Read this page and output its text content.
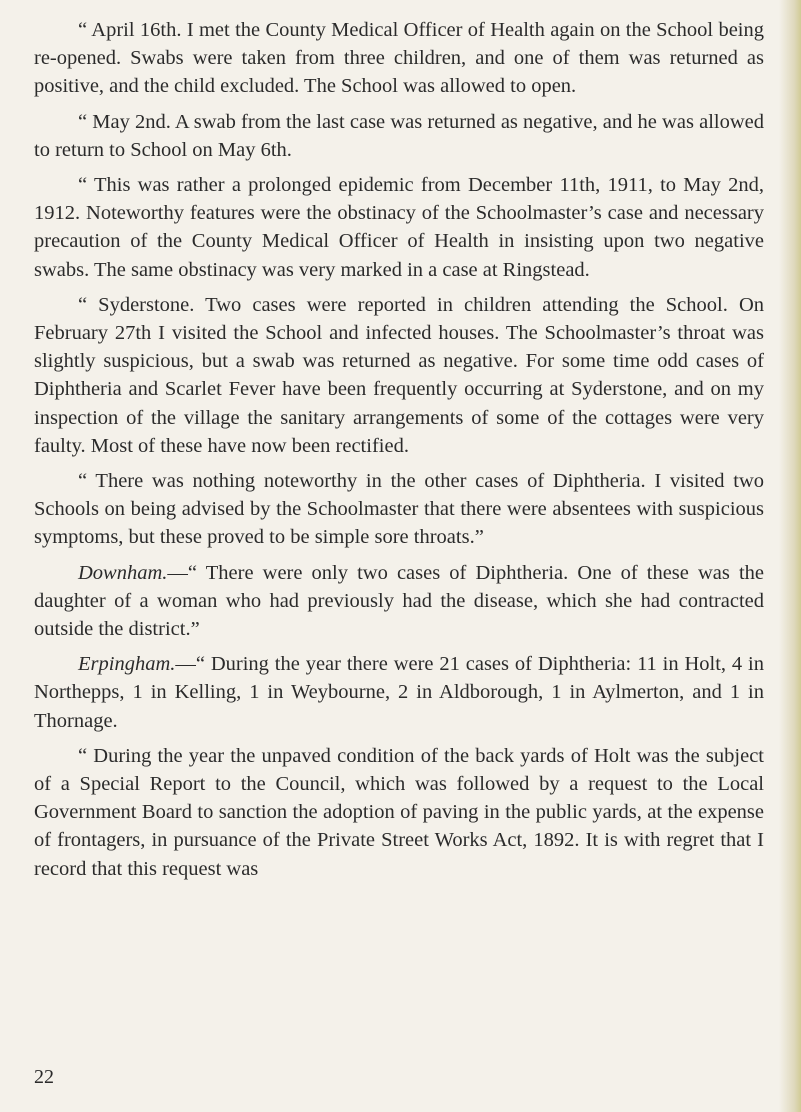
“ April 16th. I met the County Medical Officer of Health again on the School being re-opened. Swabs were taken from three children, and one of them was returned as positive, and the child excluded. The School was allowed to open.

“ May 2nd. A swab from the last case was returned as negative, and he was allowed to return to School on May 6th.

“ This was rather a prolonged epidemic from December 11th, 1911, to May 2nd, 1912. Noteworthy features were the obstinacy of the Schoolmaster’s case and necessary precaution of the County Medical Officer of Health in insisting upon two negative swabs. The same obstinacy was very marked in a case at Ringstead.

“ Syderstone. Two cases were reported in children attending the School. On February 27th I visited the School and infected houses. The Schoolmaster’s throat was slightly suspicious, but a swab was returned as negative. For some time odd cases of Diphtheria and Scarlet Fever have been frequently occurring at Syderstone, and on my inspection of the village the sanitary arrangements of some of the cottages were very faulty. Most of these have now been rectified.

“ There was nothing noteworthy in the other cases of Diphtheria. I visited two Schools on being advised by the Schoolmaster that there were absentees with suspicious symptoms, but these proved to be simple sore throats.”

Downham.—“ There were only two cases of Diphtheria. One of these was the daughter of a woman who had previously had the disease, which she had contracted outside the district.”

Erpingham.—“ During the year there were 21 cases of Diphtheria: 11 in Holt, 4 in Northepps, 1 in Kelling, 1 in Weybourne, 2 in Aldborough, 1 in Aylmerton, and 1 in Thornage.

“ During the year the unpaved condition of the back yards of Holt was the subject of a Special Report to the Council, which was followed by a request to the Local Government Board to sanction the adoption of paving in the public yards, at the expense of frontagers, in pursuance of the Private Street Works Act, 1892. It is with regret that I record that this request was

22
